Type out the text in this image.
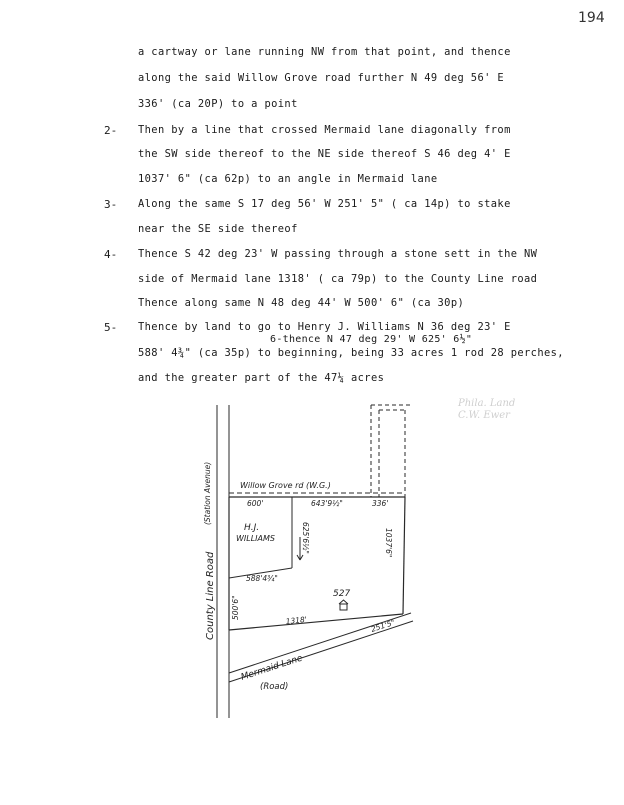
194
a cartway or lane running NW from that point, and thence
along the said Willow Grove road further N 49 deg 56' E
336' (ca 20P) to a point
2- Then by a line that crossed Mermaid lane diagonally from
the SW side thereof to the NE side thereof S 46 deg 4' E
1037' 6" (ca 62p) to an angle in Mermaid lane
3- Along the same S 17 deg 56' W 251' 5" ( ca 14p) to stake
near the SE side thereof
4- Thence S 42 deg 23' W passing through a stone sett in the NW
side of Mermaid lane 1318' ( ca 79p) to the County Line road
Thence along same N 48 deg 44' W 500' 6" (ca 30p)
5- Thence by land to go to Henry J. Williams N 36 deg 23' E
6-thence N 47 deg 29' W 625' 6½"
588' 4¾" (ca 35p) to beginning, being 33 acres 1 rod 28 perches,
and the greater part of the 47¼ acres
Phila. Land
C.W. Ewer
County Line Road
(Station Avenue)	Willow Grove rd (W.G.)
600'	643'9½"	336'
H.J.
WILLIAMS	625'6½"
588'4¾"
500'6"
527
1318'
1037'6"
251'5"
Mermaid Lane
(Road)
